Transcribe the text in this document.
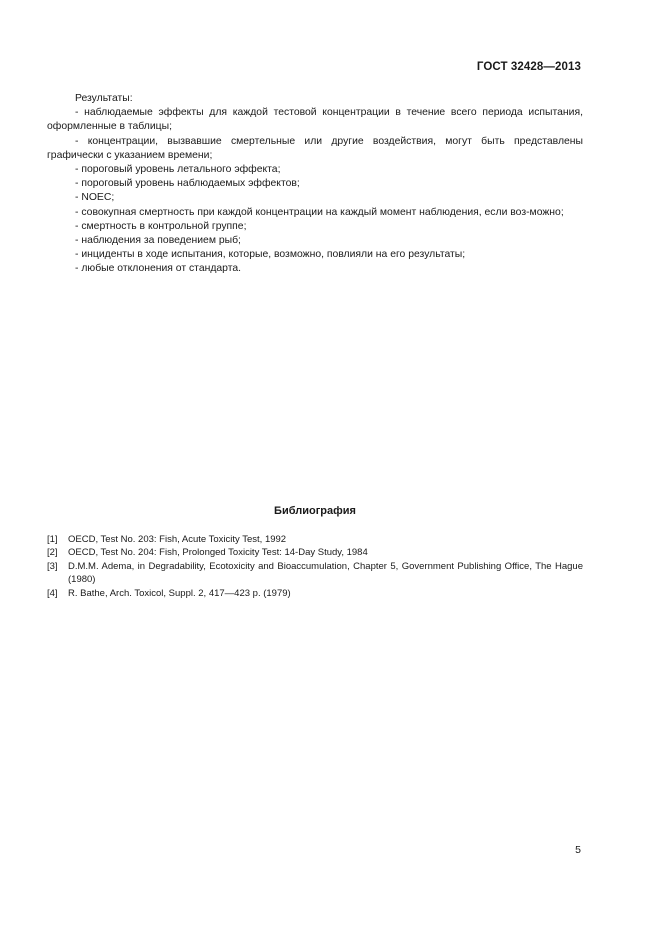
ГОСТ 32428—2013

Результаты:

- наблюдаемые эффекты для каждой тестовой концентрации в течение всего периода испытания, оформленные в таблицы;

- концентрации, вызвавшие смертельные или другие воздействия, могут быть представлены графически с указанием времени;

- пороговый уровень летального эффекта;

- пороговый уровень наблюдаемых эффектов;

- NOEC;

- совокупная смертность при каждой концентрации на каждый момент наблюдения, если воз-можно;

- смертность в контрольной группе;

- наблюдения за поведением рыб;

- инциденты в ходе испытания, которые, возможно, повлияли на его результаты;

- любые отклонения от стандарта.

Библиография
[1]	OECD, Test No. 203: Fish, Acute Toxicity Test, 1992
[2]	OECD, Test No. 204: Fish, Prolonged Toxicity Test: 14-Day Study, 1984
[3]	D.M.M. Adema, in Degradability, Ecotoxicity and Bioaccumulation, Chapter 5, Government Publishing Office, The Hague (1980)
[4]	R. Bathe, Arch. Toxicol, Suppl. 2, 417—423 p. (1979)
5
